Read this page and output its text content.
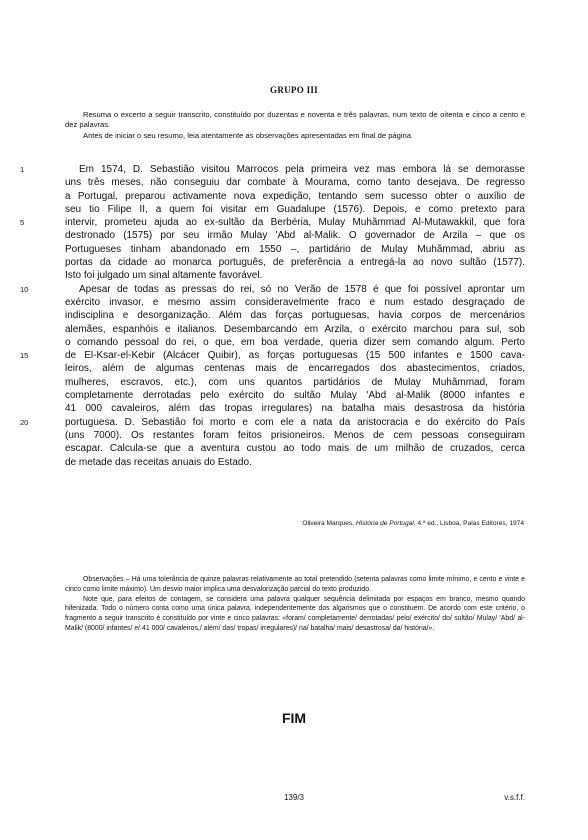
GRUPO III

Resuma o excerto a seguir transcrito, constituído por duzentas e noventa e três palavras, num texto de oitenta e cinco a cento e dez palavras.

Antes de iniciar o seu resumo, leia atentamente as observações apresentadas em final de página.

1	Em 1574, D. Sebastião visitou Marrocos pela primeira vez mas embora lá se demorasse
uns três meses, não conseguiu dar combate à Mourama, como tanto desejava. De regresso
a Portugal, preparou activamente nova expedição, tentando sem sucesso obter o auxílio de
seu tio Filipe II, a quem foi visitar em Guadalupe (1576). Depois, e como pretexto para
5	intervir, prometeu ajuda ao ex-sultão da Berbéria, Mulay Muhãmmad Al-Mutawakkil, que fora
destronado (1575) por seu irmão Mulay 'Abd al-Malik. O governador de Arzila – que os
Portugueses tinham abandonado em 1550 –, partidário de Mulay Muhãmmad, abriu as
portas da cidade ao monarca português, de preferência a entregá-la ao novo sultão (1577).
Isto foi julgado um sinal altamente favorável.
10	Apesar de todas as pressas do rei, só no Verão de 1578 é que foi possível aprontar um
exército invasor, e mesmo assim consideravelmente fraco e num estado desgraçado de
indisciplina e desorganização. Além das forças portuguesas, havia corpos de mercenários
alemães, espanhóis e italianos. Desembarcando em Arzila, o exército marchou para sul, sob
o comando pessoal do rei, o que, em boa verdade, queria dizer sem comando algum. Perto
15	de El-Ksar-el-Kebir (Alcácer Quibir), as forças portuguesas (15 500 infantes e 1500 cava-
leiros, além de algumas centenas mais de encarregados dos abastecimentos, criados,
mulheres, escravos, etc.), com uns quantos partidários de Mulay Muhãmmad, foram
completamente derrotadas pelo exército do sultão Mulay 'Abd al-Malik (8000 infantes e
41 000 cavaleiros, além das tropas irregulares) na batalha mais desastrosa da história
20	portuguesa. D. Sebastião foi morto e com ele a nata da aristocracia e do exército do País
(uns 7000). Os restantes foram feitos prisioneiros. Menos de cem pessoas conseguiram
escapar. Calcula-se que a aventura custou ao todo mais de um milhão de cruzados, cerca
de metade das receitas anuais do Estado.
Oliveira Marques, História de Portugal, 4.ª ed., Lisboa, Palas Editores, 1974

Observações – Há uma tolerância de quinze palavras relativamente ao total pretendido (setenta palavras como limite mínimo, e cento e vinte e cinco como limite máximo). Um desvio maior implica uma desvalorização parcial do texto produzido.

Note que, para efeitos de contagem, se considera uma palavra qualquer sequência delimitada por espaços em branco, mesmo quando hifenizada. Todo o número conta como uma única palavra, independentemente dos algarismos que o constituem. De acordo com este critério, o fragmento a seguir transcrito é constituído por vinte e cinco palavras: «foram/ completamente/ derrotadas/ pelo/ exército/ do/ sultão/ Mulay/ 'Abd/ al-Malik/ (8000/ infantes/ e/ 41 000/ cavaleiros,/ além/ das/ tropas/ irregulares)/ na/ batalha/ mais/ desastrosa/ da/ história/».

FIM
139/3	v.s.f.f.
